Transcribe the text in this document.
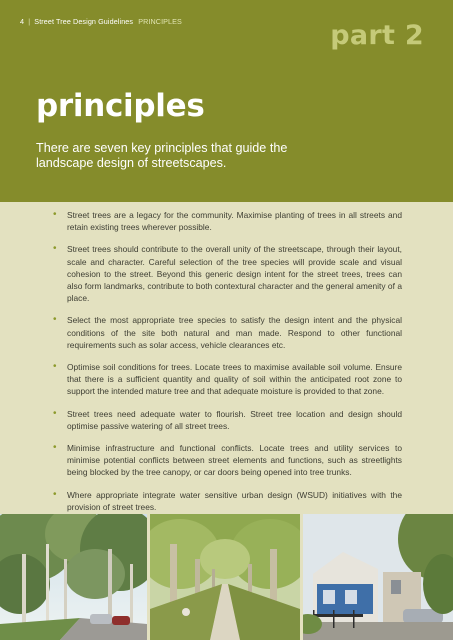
4 | Street Tree Design Guidelines PRINCIPLES	part 2
principles

There are seven key principles that guide the landscape design of streetscapes.

• Street trees are a legacy for the community. Maximise planting of trees in all streets and retain existing trees wherever possible.
• Street trees should contribute to the overall unity of the streetscape, through their layout, scale and character. Careful selection of the tree species will provide scale and visual cohesion to the street. Beyond this generic design intent for the street trees, trees can also form landmarks, contribute to both contextural character and the general amenity of a place.
• Select the most appropriate tree species to satisfy the design intent and the physical conditions of the site both natural and man made. Respond to other functional requirements such as solar access, vehicle clearances etc.
• Optimise soil conditions for trees. Locate trees to maximise available soil volume. Ensure that there is a sufficient quantity and quality of soil within the anticipated root zone to support the intended mature tree and that adequate moisture is provided to that zone.
• Street trees need adequate water to flourish. Street tree location and design should optimise passive watering of all street trees.
• Minimise infrastructure and functional conflicts. Locate trees and utility services to minimise potential conflicts between street elements and functions, such as streetlights being blocked by the tree canopy, or car doors being opened into tree trunks.
• Where appropriate integrate water sensitive urban design (WSUD) initiatives with the provision of street trees.
